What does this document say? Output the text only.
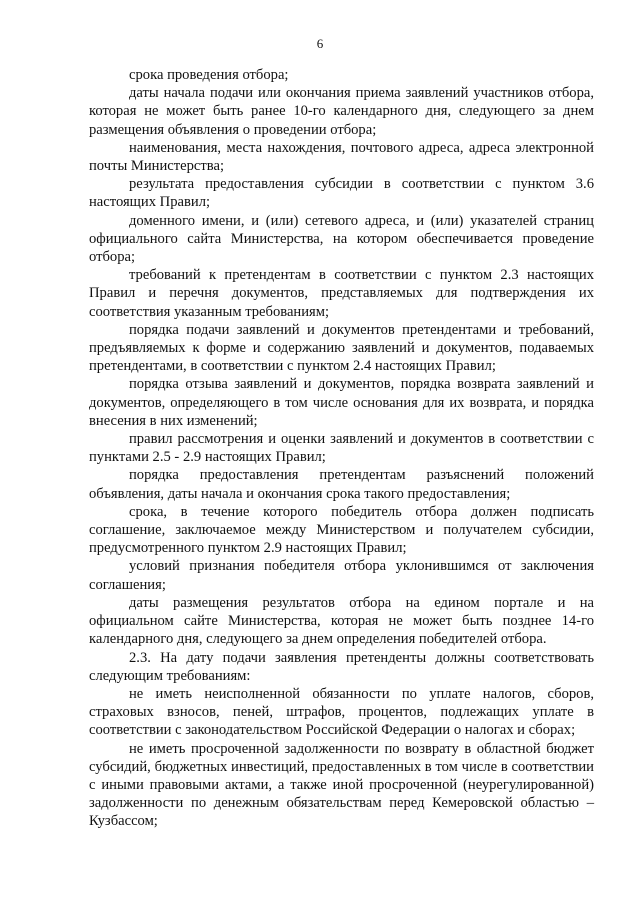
6

срока проведения отбора;

даты начала подачи или окончания приема заявлений участников отбора, которая не может быть ранее 10-го календарного дня, следующего за днем размещения объявления о проведении отбора;

наименования, места нахождения, почтового адреса, адреса электронной почты Министерства;

результата предоставления субсидии в соответствии с пунктом 3.6 настоящих Правил;

доменного имени, и (или) сетевого адреса, и (или) указателей страниц официального сайта Министерства, на котором обеспечивается проведение отбора;

требований к претендентам в соответствии с пунктом 2.3 настоящих Правил и перечня документов, представляемых для подтверждения их соответствия указанным требованиям;

порядка подачи заявлений и документов претендентами и требований, предъявляемых к форме и содержанию заявлений и документов, подаваемых претендентами, в соответствии с пунктом 2.4 настоящих Правил;

порядка отзыва заявлений и документов, порядка возврата заявлений и документов, определяющего в том числе основания для их возврата, и порядка внесения в них изменений;

правил рассмотрения и оценки заявлений и документов в соответствии с пунктами 2.5 - 2.9 настоящих Правил;

порядка предоставления претендентам разъяснений положений объявления, даты начала и окончания срока такого предоставления;

срока, в течение которого победитель отбора должен подписать соглашение, заключаемое между Министерством и получателем субсидии, предусмотренного пунктом 2.9 настоящих Правил;

условий признания победителя отбора уклонившимся от заключения соглашения;

даты размещения результатов отбора на едином портале и на официальном сайте Министерства, которая не может быть позднее 14-го календарного дня, следующего за днем определения победителей отбора.

2.3. На дату подачи заявления претенденты должны соответствовать следующим требованиям:

не иметь неисполненной обязанности по уплате налогов, сборов, страховых взносов, пеней, штрафов, процентов, подлежащих уплате в соответствии с законодательством Российской Федерации о налогах и сборах;

не иметь просроченной задолженности по возврату в областной бюджет субсидий, бюджетных инвестиций, предоставленных в том числе в соответствии с иными правовыми актами, а также иной просроченной (неурегулированной) задолженности по денежным обязательствам перед Кемеровской областью – Кузбассом;
